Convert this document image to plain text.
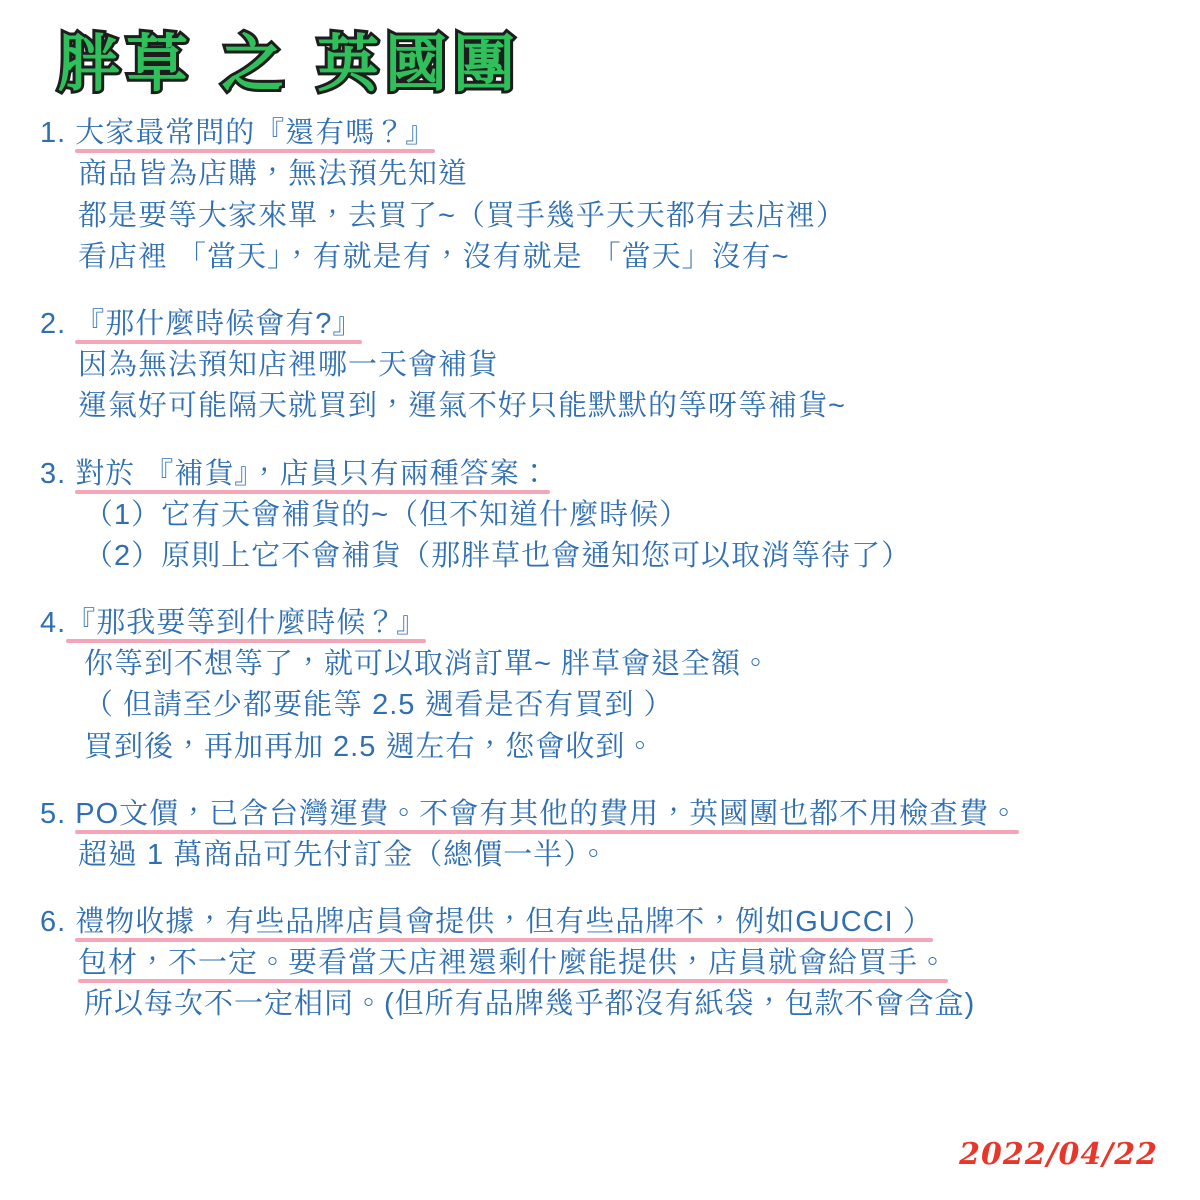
胖草 之 英國團
1. 大家最常問的『還有嗎？』
商品皆為店購，無法預先知道
都是要等大家來單，去買了~（買手幾乎天天都有去店裡）
看店裡 「當天」，有就是有，沒有就是 「當天」沒有~
2. 『那什麼時候會有?』
因為無法預知店裡哪一天會補貨
運氣好可能隔天就買到，運氣不好只能默默的等呀等補貨~
3. 對於 『補貨』，店員只有兩種答案：
（1）它有天會補貨的~（但不知道什麼時候）
（2）原則上它不會補貨（那胖草也會通知您可以取消等待了）
4.『那我要等到什麼時候？』
你等到不想等了，就可以取消訂單~ 胖草會退全額。
（ 但請至少都要能等 2.5 週看是否有買到 ）
買到後，再加再加 2.5 週左右，您會收到。
5. PO文價，已含台灣運費。不會有其他的費用，英國團也都不用檢查費。
超過 1 萬商品可先付訂金（總價一半）。
6. 禮物收據，有些品牌店員會提供，但有些品牌不，例如GUCCI ）
包材，不一定。要看當天店裡還剩什麼能提供，店員就會給買手。
所以每次不一定相同。(但所有品牌幾乎都沒有紙袋，包款不會含盒)
2022/04/22
